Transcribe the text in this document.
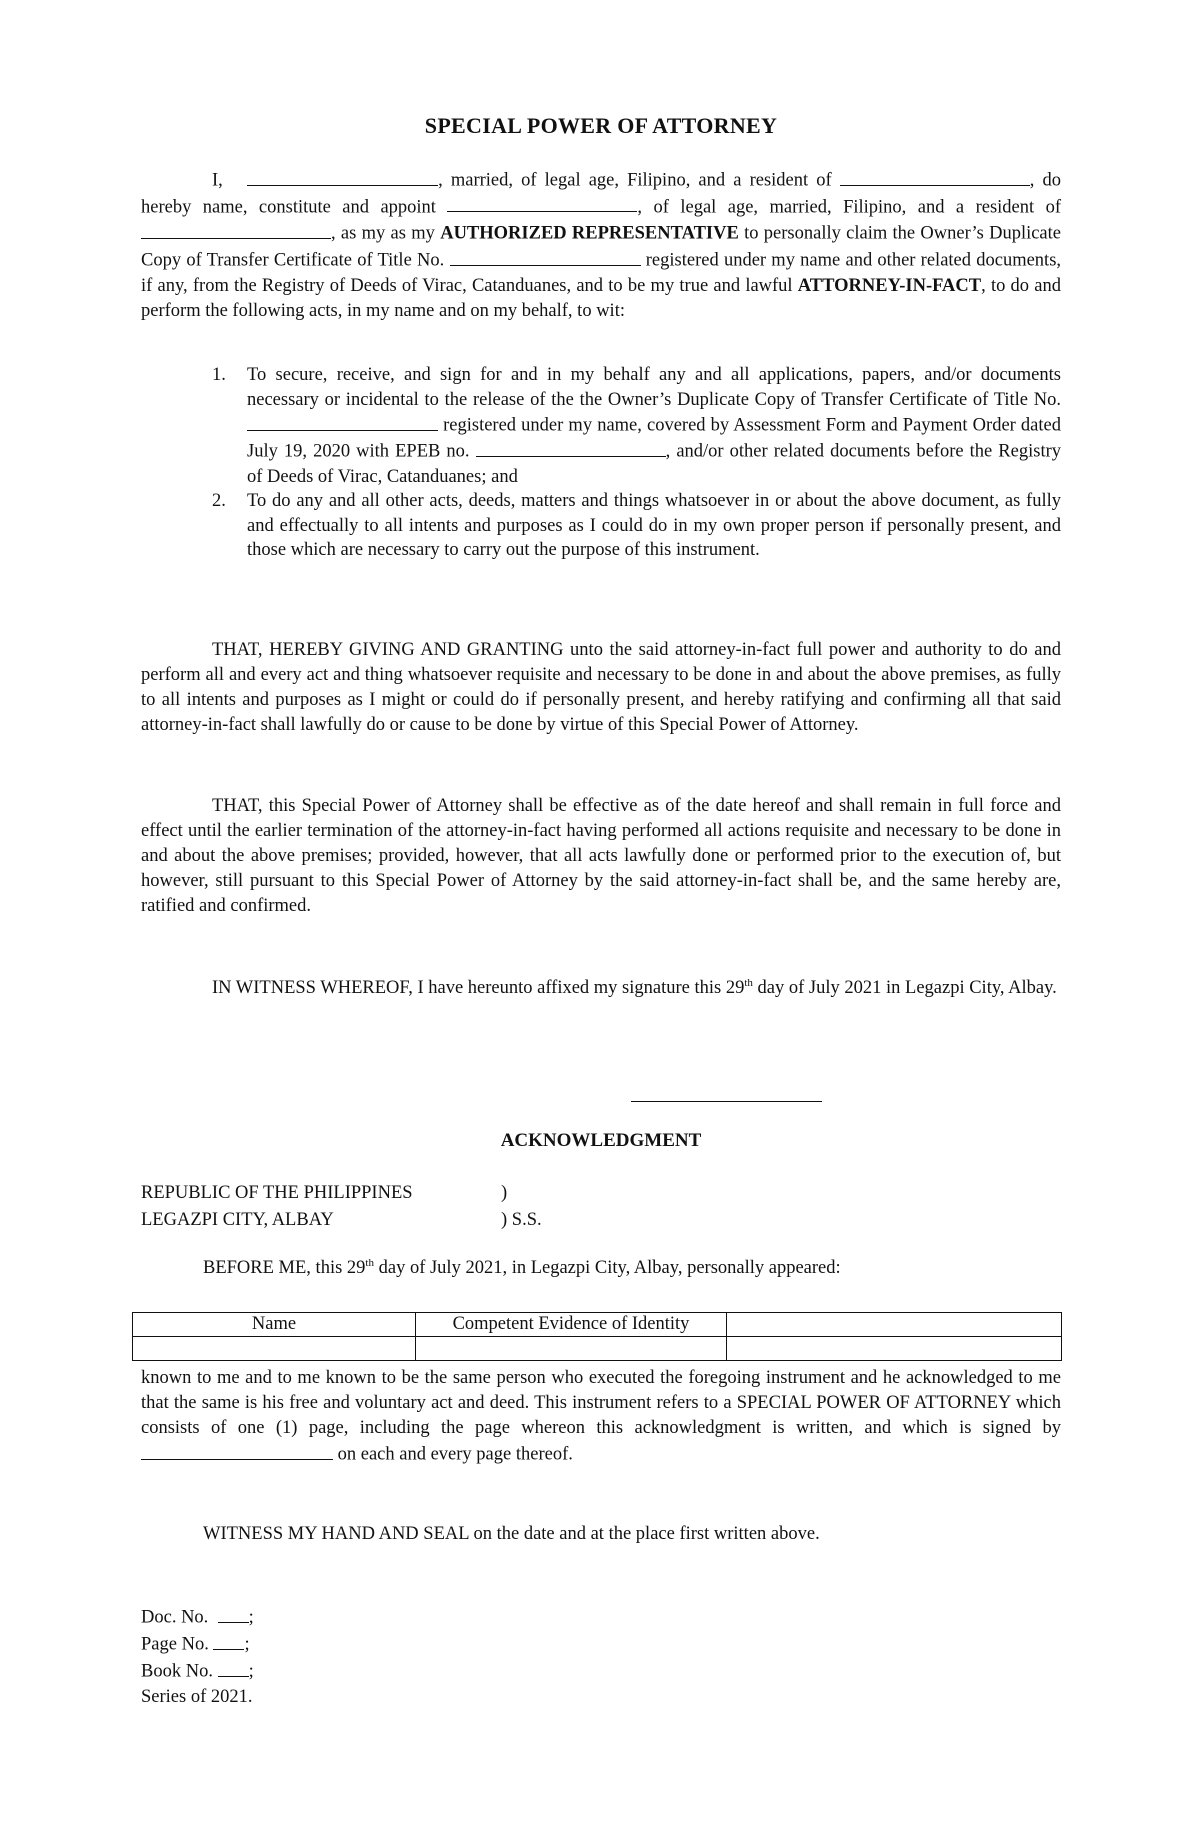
SPECIAL POWER OF ATTORNEY
I,	, married, of legal age, Filipino, and a resident of	, do hereby name, constitute and appoint	, of legal age, married, Filipino, and a resident of , as my as my AUTHORIZED REPRESENTATIVE to personally claim the Owner’s Duplicate Copy of Transfer Certificate of Title No.	registered under my name and other related documents, if any, from the Registry of Deeds of Virac, Catanduanes, and to be my true and lawful ATTORNEY-IN-FACT, to do and perform the following acts, in my name and on my behalf, to wit:
1.	To secure, receive, and sign for and in my behalf any and all applications, papers, and/or documents necessary or incidental to the release of the the Owner’s Duplicate Copy of Transfer Certificate of Title No.  registered under my name, covered by Assessment Form and Payment Order dated July 19, 2020 with EPEB no.	, and/or other related documents before the Registry of Deeds of Virac, Catanduanes; and
2.	To do any and all other acts, deeds, matters and things whatsoever in or about the above document, as fully and effectually to all intents and purposes as I could do in my own proper person if personally present, and those which are necessary to carry out the purpose of this instrument.
THAT, HEREBY GIVING AND GRANTING unto the said attorney-in-fact full power and authority to do and perform all and every act and thing whatsoever requisite and necessary to be done in and about the above premises, as fully to all intents and purposes as I might or could do if personally present, and hereby ratifying and confirming all that said attorney-in-fact shall lawfully do or cause to be done by virtue of this Special Power of Attorney.
THAT, this Special Power of Attorney shall be effective as of the date hereof and shall remain in full force and effect until the earlier termination of the attorney-in-fact having performed all actions requisite and necessary to be done in and about the above premises; provided, however, that all acts lawfully done or performed prior to the execution of, but however, still pursuant to this Special Power of Attorney by the said attorney-in-fact shall be, and the same hereby are, ratified and confirmed.
IN WITNESS WHEREOF, I have hereunto affixed my signature this 29th day of July 2021 in Legazpi City, Albay.
ACKNOWLEDGMENT
REPUBLIC OF THE PHILIPPINES	)
LEGAZPI CITY, ALBAY	) S.S.
BEFORE ME, this 29th day of July 2021, in Legazpi City, Albay, personally appeared:
Name	Competent Evidence of Identity	

known to me and to me known to be the same person who executed the foregoing instrument and he acknowledged to me that the same is his free and voluntary act and deed. This instrument refers to a SPECIAL POWER OF ATTORNEY which consists of one (1) page, including the page whereon this acknowledgment is written, and which is signed by  on each and every page thereof.
WITNESS MY HAND AND SEAL on the date and at the place first written above.
Doc. No. ;
Page No. ;
Book No. ;
Series of 2021.
